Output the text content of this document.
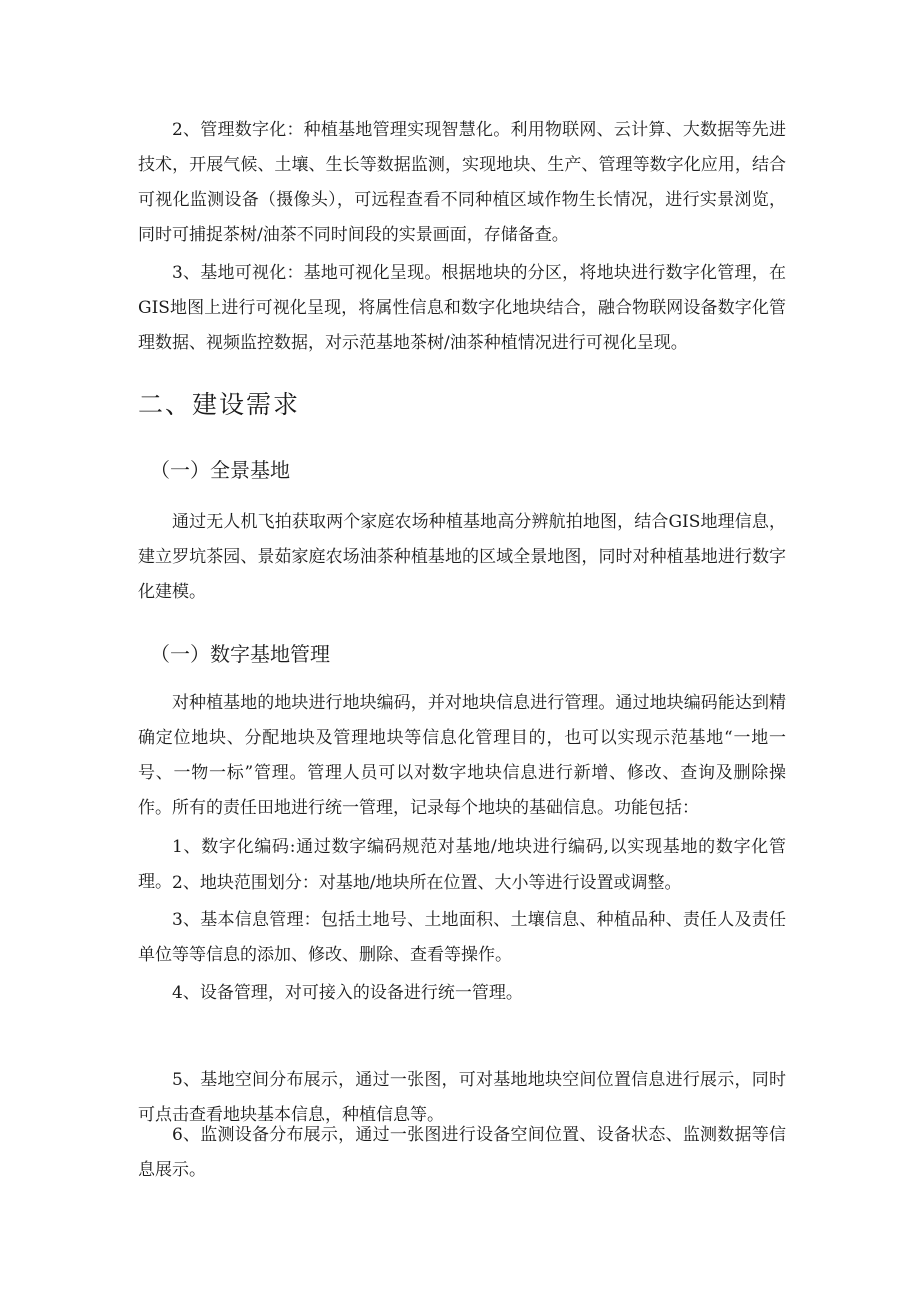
2、管理数字化：种植基地管理实现智慧化。利用物联网、云计算、大数据等先进技术，开展气候、土壤、生长等数据监测，实现地块、生产、管理等数字化应用，结合可视化监测设备（摄像头），可远程查看不同种植区域作物生长情况，进行实景浏览，同时可捕捉茶树/油茶不同时间段的实景画面，存储备查。

3、基地可视化：基地可视化呈现。根据地块的分区，将地块进行数字化管理，在GIS地图上进行可视化呈现，将属性信息和数字化地块结合，融合物联网设备数字化管理数据、视频监控数据，对示范基地茶树/油茶种植情况进行可视化呈现。

二、建设需求
（一）全景基地

通过无人机飞拍获取两个家庭农场种植基地高分辨航拍地图，结合GIS地理信息，建立罗坑茶园、景茹家庭农场油茶种植基地的区域全景地图，同时对种植基地进行数字化建模。

（一）数字基地管理

对种植基地的地块进行地块编码，并对地块信息进行管理。通过地块编码能达到精确定位地块、分配地块及管理地块等信息化管理目的，也可以实现示范基地“一地一号、一物一标”管理。管理人员可以对数字地块信息进行新增、修改、查询及删除操作。所有的责任田地进行统一管理，记录每个地块的基础信息。功能包括：

1、数字化编码:通过数字编码规范对基地/地块进行编码,以实现基地的数字化管理。 2、地块范围划分：对基地/地块所在位置、大小等进行设置或调整。

3、基本信息管理：包括土地号、土地面积、土壤信息、种植品种、责任人及责任单位等等信息的添加、修改、删除、查看等操作。

4、设备管理，对可接入的设备进行统一管理。

5、基地空间分布展示，通过一张图，可对基地地块空间位置信息进行展示，同时可点击查看地块基本信息，种植信息等。

6、监测设备分布展示，通过一张图进行设备空间位置、设备状态、监测数据等信息展示。
